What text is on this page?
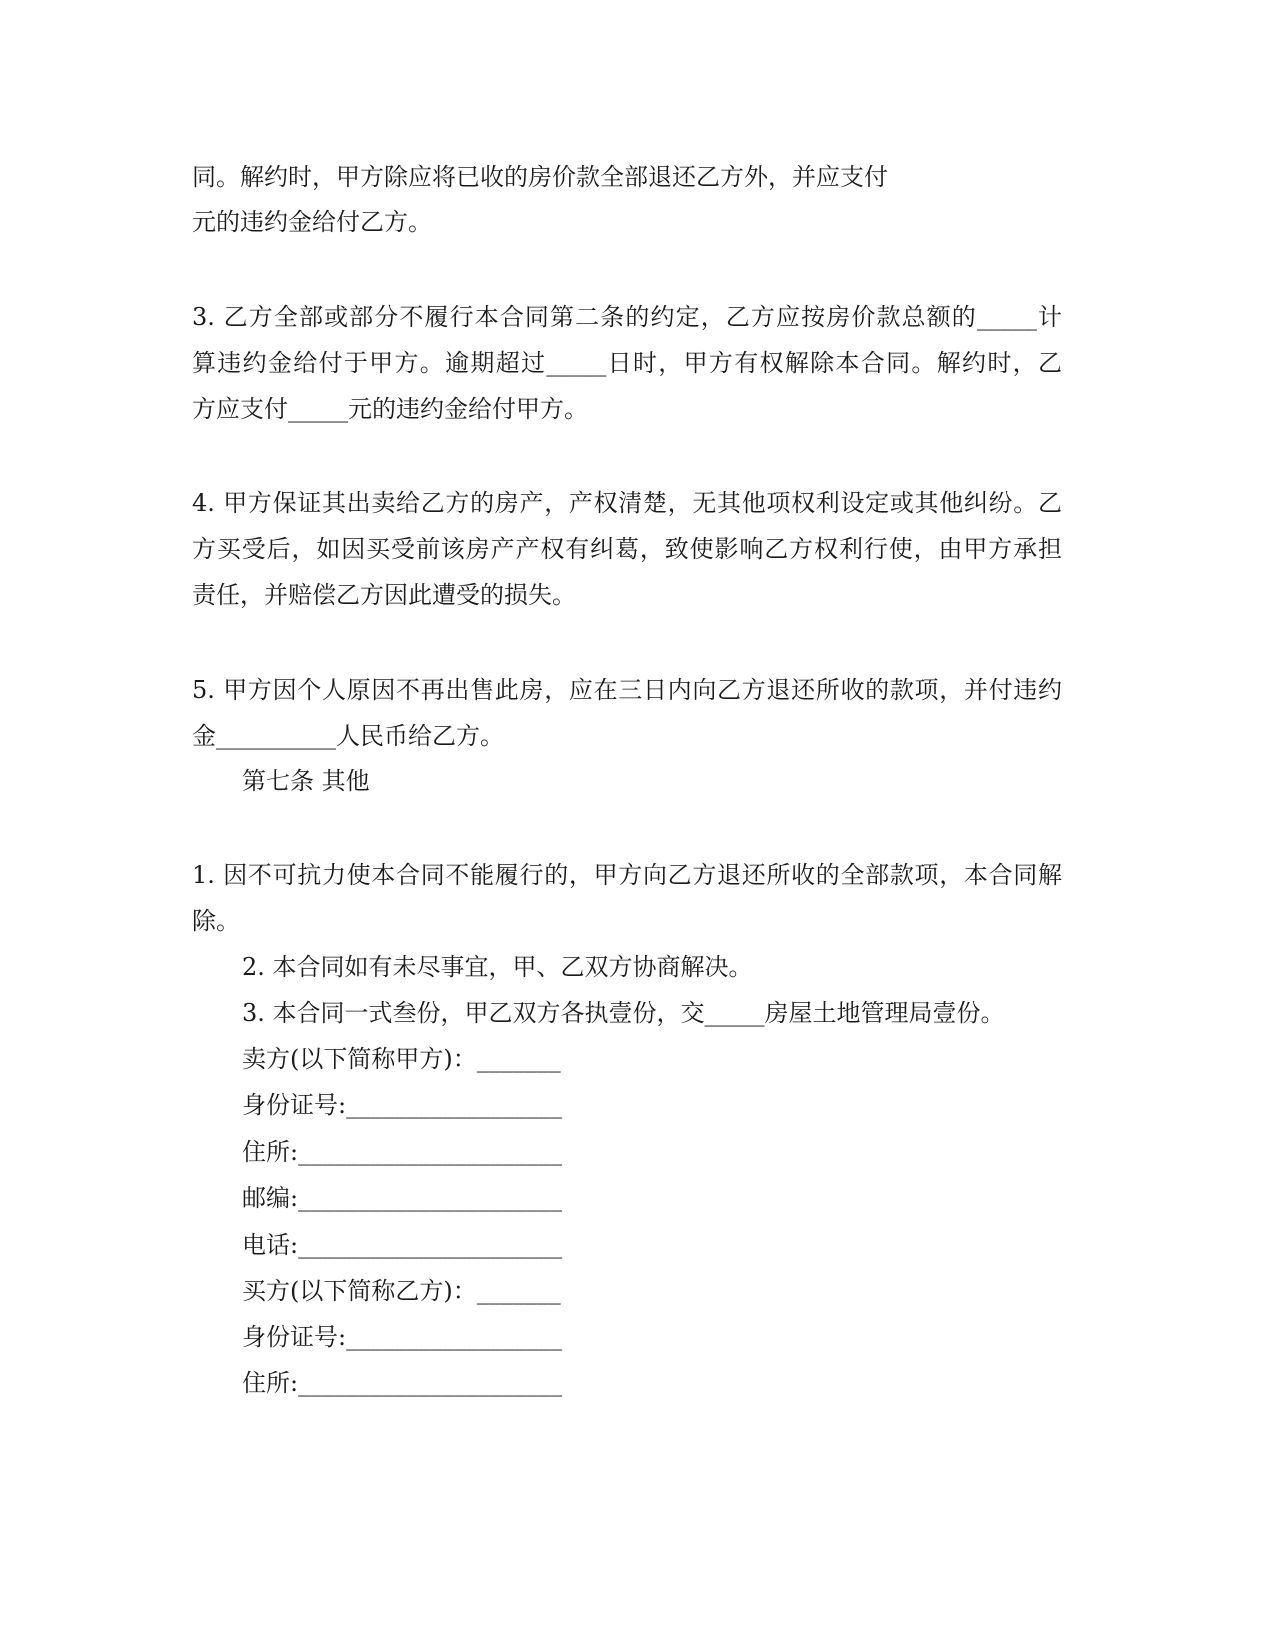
同。解约时，甲方除应将已收的房价款全部退还乙方外，并应支付
元的违约金给付乙方。
3. 乙方全部或部分不履行本合同第二条的约定，乙方应按房价款总额的_____计
算违约金给付于甲方。逾期超过_____日时，甲方有权解除本合同。解约时，乙
方应支付_____元的违约金给付甲方。
4. 甲方保证其出卖给乙方的房产，产权清楚，无其他项权利设定或其他纠纷。乙
方买受后，如因买受前该房产产权有纠葛，致使影响乙方权利行使，由甲方承担
责任，并赔偿乙方因此遭受的损失。
5. 甲方因个人原因不再出售此房，应在三日内向乙方退还所收的款项，并付违约
金__________人民币给乙方。
第七条 其他
1. 因不可抗力使本合同不能履行的，甲方向乙方退还所收的全部款项，本合同解
除。
2. 本合同如有未尽事宜，甲、乙双方协商解决。
3. 本合同一式叁份，甲乙双方各执壹份，交_____房屋土地管理局壹份。
卖方(以下简称甲方)：_______
身份证号:__________________
住所:______________________
邮编:______________________
电话:______________________
买方(以下简称乙方)：_______
身份证号:__________________
住所:______________________
